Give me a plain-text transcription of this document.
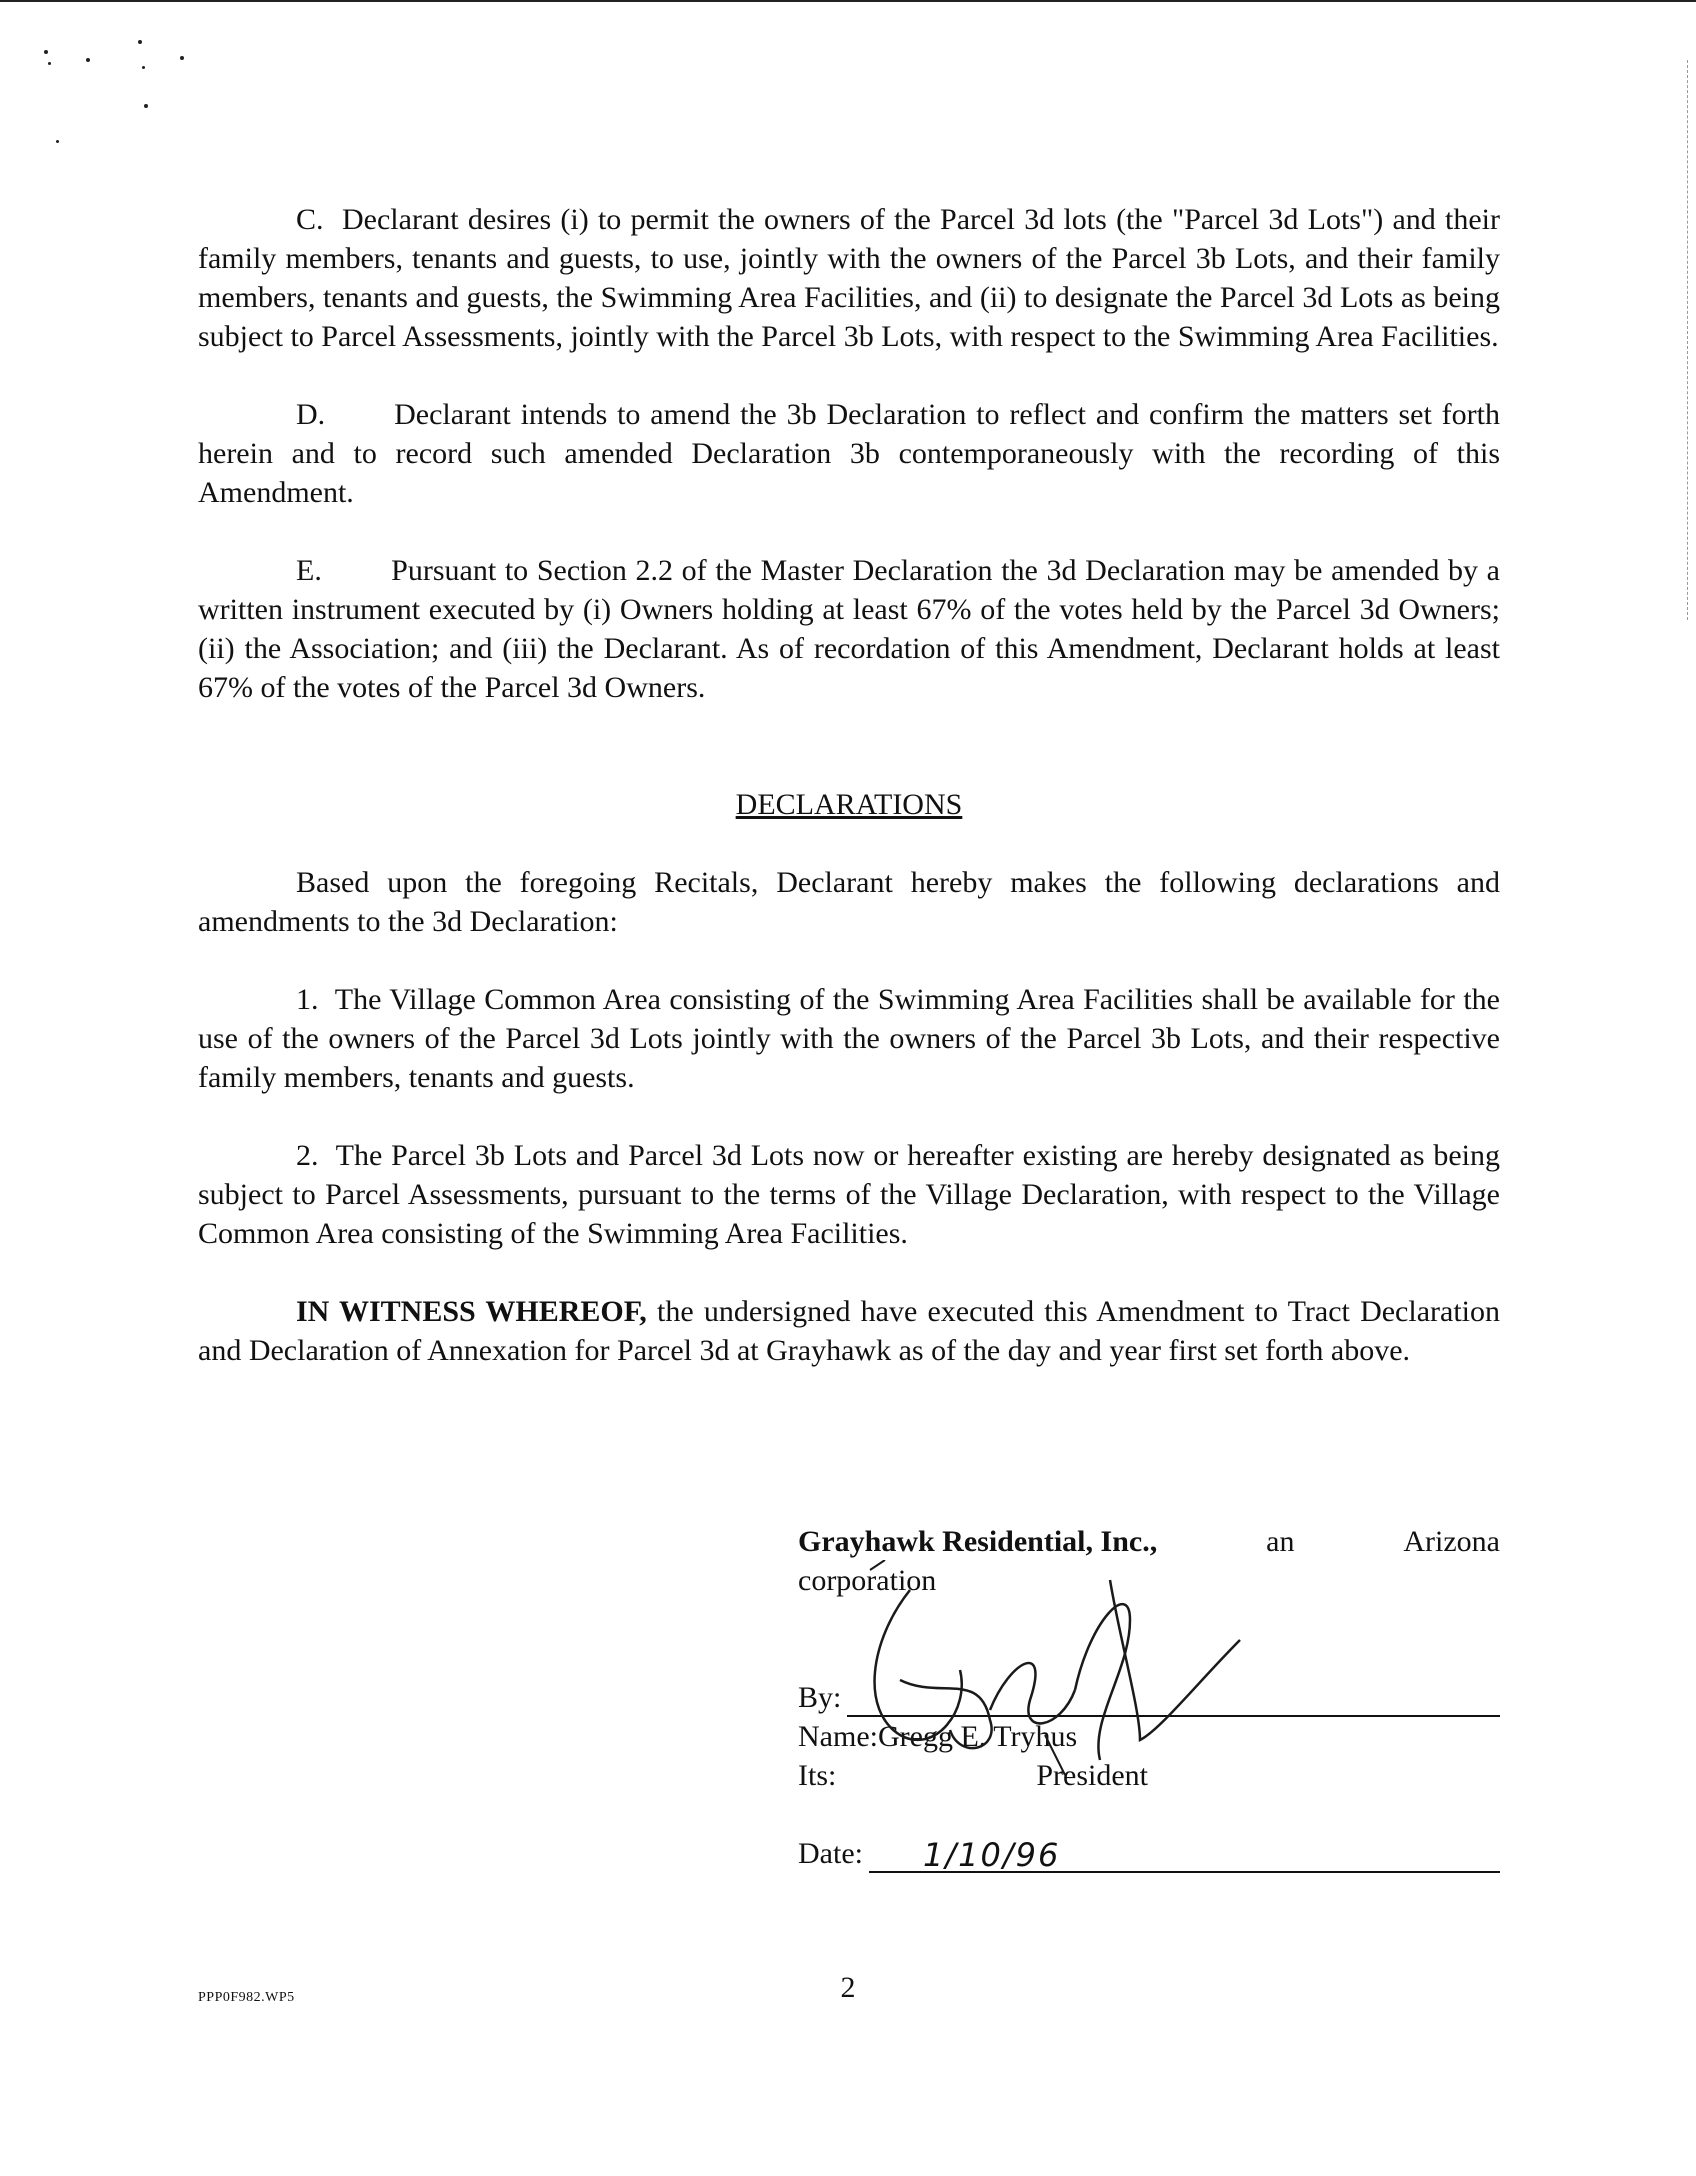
C. Declarant desires (i) to permit the owners of the Parcel 3d lots (the "Parcel 3d Lots") and their family members, tenants and guests, to use, jointly with the owners of the Parcel 3b Lots, and their family members, tenants and guests, the Swimming Area Facilities, and (ii) to designate the Parcel 3d Lots as being subject to Parcel Assessments, jointly with the Parcel 3b Lots, with respect to the Swimming Area Facilities.

D. Declarant intends to amend the 3b Declaration to reflect and confirm the matters set forth herein and to record such amended Declaration 3b contemporaneously with the recording of this Amendment.

E. Pursuant to Section 2.2 of the Master Declaration the 3d Declaration may be amended by a written instrument executed by (i) Owners holding at least 67% of the votes held by the Parcel 3d Owners; (ii) the Association; and (iii) the Declarant. As of recordation of this Amendment, Declarant holds at least 67% of the votes of the Parcel 3d Owners.

DECLARATIONS

Based upon the foregoing Recitals, Declarant hereby makes the following declarations and amendments to the 3d Declaration:

1. The Village Common Area consisting of the Swimming Area Facilities shall be available for the use of the owners of the Parcel 3d Lots jointly with the owners of the Parcel 3b Lots, and their respective family members, tenants and guests.

2. The Parcel 3b Lots and Parcel 3d Lots now or hereafter existing are hereby designated as being subject to Parcel Assessments, pursuant to the terms of the Village Declaration, with respect to the Village Common Area consisting of the Swimming Area Facilities.

IN WITNESS WHEREOF, the undersigned have executed this Amendment to Tract Declaration and Declaration of Annexation for Parcel 3d at Grayhawk as of the day and year first set forth above.

Grayhawk Residential, Inc.,	an	Arizona
corporation
By:
Name:Gregg E. Tryhus
Its:	President
Date: 1/10/96
PPP0F982.WP5	2
